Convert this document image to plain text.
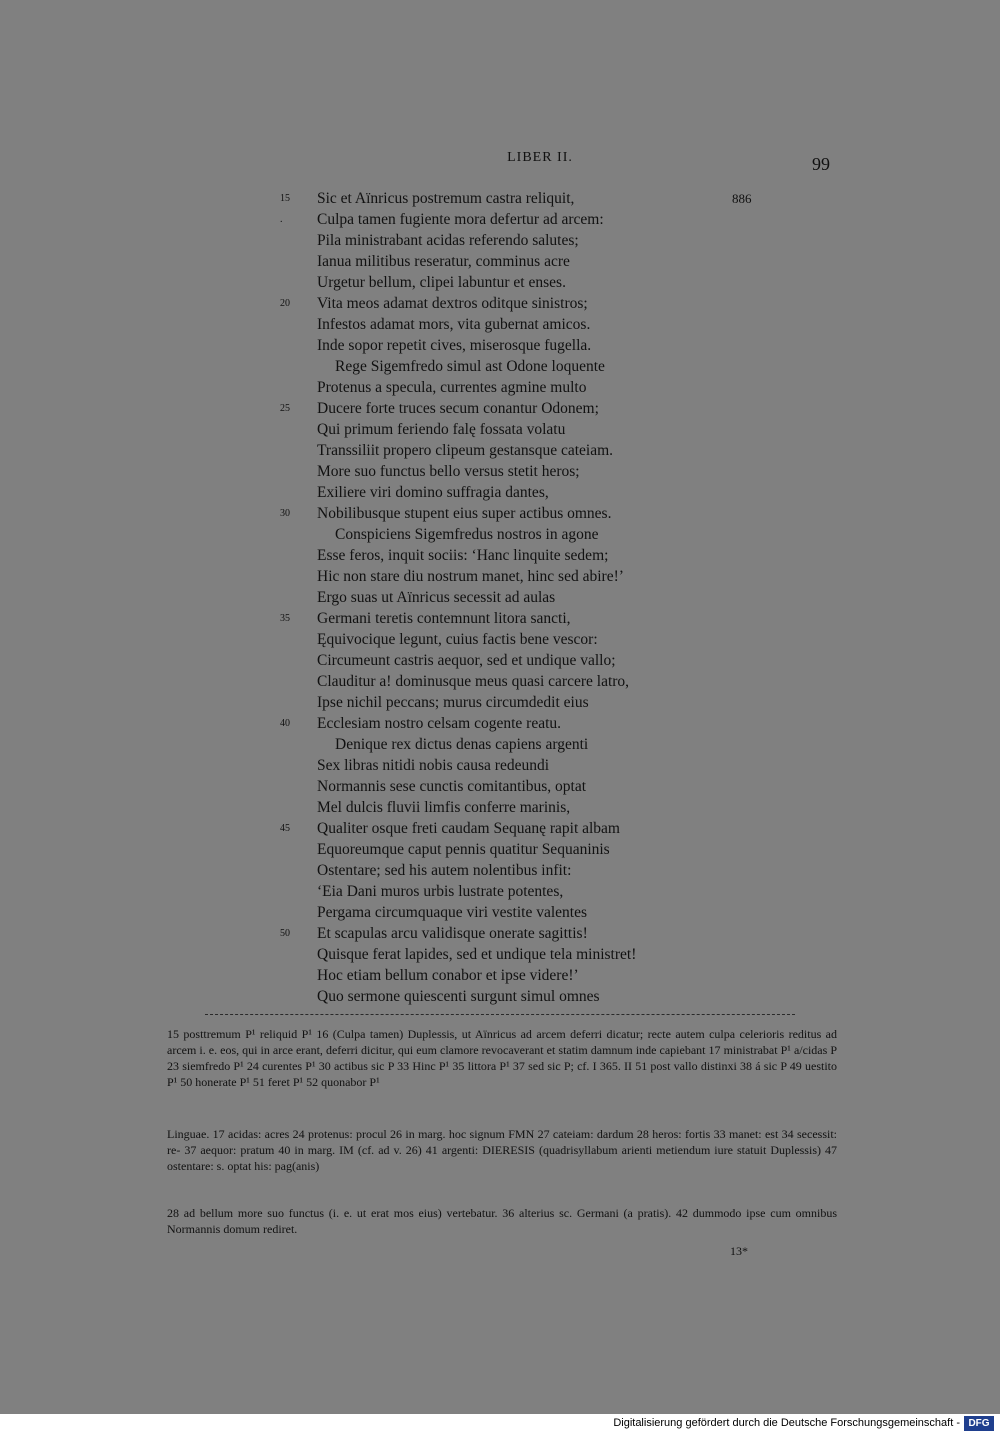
LIBER II.	99
15	Sic et Aïnricus postremum castra reliquit,	886
.	Culpa tamen fugiente mora defertur ad arcem:
Pila ministrabant acidas referendo salutes;
Ianua militibus reseratur, comminus acre
Urgetur bellum, clipei labuntur et enses.
20	Vita meos adamat dextros oditque sinistros;
Infestos adamat mors, vita gubernat amicos.
Inde sopor repetit cives, miserosque fugella.
Rege Sigemfredo simul ast Odone loquente
Protenus a specula, currentes agmine multo
25	Ducere forte truces secum conantur Odonem;
Qui primum feriendo falę fossata volatu
Transsiliit propero clipeum gestansque cateiam.
More suo functus bello versus stetit heros;
Exiliere viri domino suffragia dantes,
30	Nobilibusque stupent eius super actibus omnes.
Conspiciens Sigemfredus nostros in agone
Esse feros, inquit sociis: ‘Hanc linquite sedem;
Hic non stare diu nostrum manet, hinc sed abire!’
Ergo suas ut Aïnricus secessit ad aulas
35	Germani teretis contemnunt litora sancti,
Ęquivocique legunt, cuius factis bene vescor:
Circumeunt castris aequor, sed et undique vallo;
Clauditur a! dominusque meus quasi carcere latro,
Ipse nichil peccans; murus circumdedit eius
40	Ecclesiam nostro celsam cogente reatu.
Denique rex dictus denas capiens argenti
Sex libras nitidi nobis causa redeundi
Normannis sese cunctis comitantibus, optat
Mel dulcis fluvii limfis conferre marinis,
45	Qualiter osque freti caudam Sequanę rapit albam
Equoreumque caput pennis quatitur Sequaninis
Ostentare; sed his autem nolentibus infit:
‘Eia Dani muros urbis lustrate potentes,
Pergama circumquaque viri vestite valentes
50	Et scapulas arcu validisque onerate sagittis!
Quisque ferat lapides, sed et undique tela ministret!
Hoc etiam bellum conabor et ipse videre!’
Quo sermone quiescenti surgunt simul omnes

15 posttremum P¹ reliquid P¹ 16 (Culpa tamen) Duplessis, ut Aïnricus ad arcem deferri dicatur; recte autem culpa celerioris reditus ad arcem i. e. eos, qui in arce erant, deferri dicitur, qui eum clamore revocaverant et statim damnum inde capiebant 17 ministrabat P¹ a/cidas P 23 siemfredo P¹ 24 curentes P¹ 30 actibus sic P 33 Hinc P¹ 35 littora P¹ 37 sed sic P; cf. I 365. II 51 post vallo distinxi 38 á sic P 49 uestito P¹ 50 honerate P¹ 51 feret P¹ 52 quonabor P¹

Linguae. 17 acidas: acres 24 protenus: procul 26 in marg. hoc signum FMN 27 cateiam: dardum 28 heros: fortis 33 manet: est 34 secessit: re- 37 aequor: pratum 40 in marg. IM (cf. ad v. 26) 41 argenti: DIERESIS (quadrisyllabum arienti metiendum iure statuit Duplessis) 47 ostentare: s. optat his: pag(anis)

28 ad bellum more suo functus (i. e. ut erat mos eius) vertebatur. 36 alterius sc. Germani (a pratis). 42 dummodo ipse cum omnibus Normannis domum rediret.

13*
Digitalisierung gefördert durch die Deutsche Forschungsgemeinschaft - DFG
